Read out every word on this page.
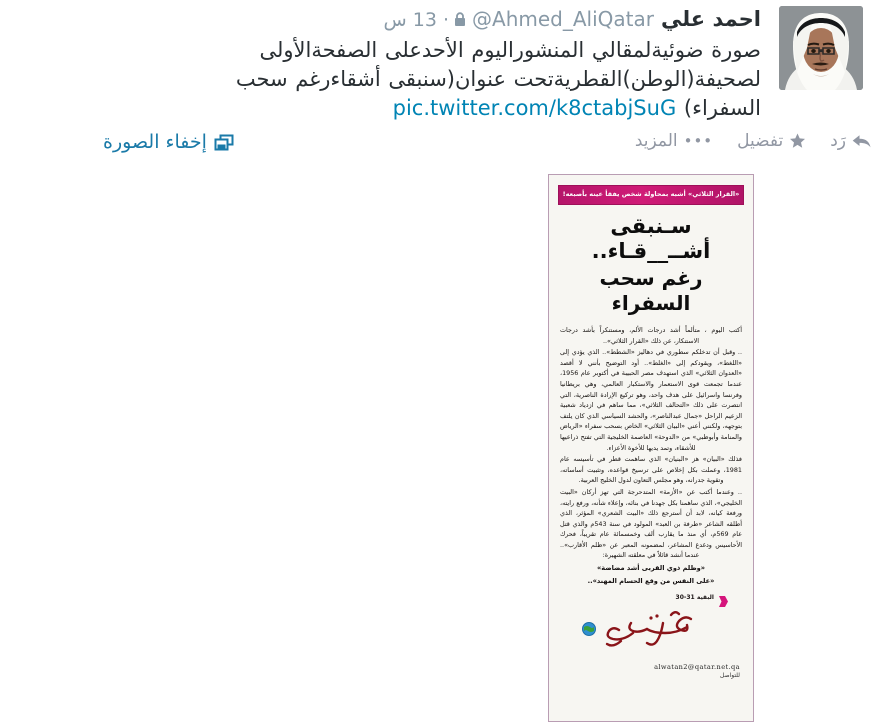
احمد علي@Ahmed_AliQatar·13 س
صورة ضوئيةلمقالي المنشوراليوم الأحدعلى الصفحةالأولى
لصحيفة(الوطن)القطريةتحت عنوان(سنبقى أشقاءرغم سحب
السفراء) pic.twitter.com/k8ctabjSuG
رَد
تفضيل
•••
المزيد
إخفاء الصورة
«القرار الثلاثي» أشبه بمحاولة شخص يفقأ عينه بأصبعه!
سـنبقى أشــ__قـاء..
رغم سحب السفراء

أكتب اليوم ، متألماً أشد درجات الألم، ومستنكراً بأشد درجات الاستنكار، عن ذلك «القرار الثلاثي»..

.. وقبل أن تدخلكم سطوري في دهاليز «الشطط».. الذي يؤدي إلى «اللغط»، ويقودكم إلى «الغلط».. أود التوضيح بأنني لا أقصد «العدوان الثلاثي» الذي استهدف مصر الحبيبة في أكتوبر عام 1956، عندما تجمعت قوى الاستعمار والاستكبار العالمي، وهي بريطانيا وفرنسا واسرائيل على هدف واحد، وهو تركيع الإرادة الناصرية، التي انتصرت على ذلك «التحالف الثلاثي»، مما ساهم في ازدياد شعبية الزعيم الراحل «جمال عبدالناصر»، والحشد السياسي الذي كان يلتف بتوجهه، ولكنني أعني «البيان الثلاثي» الخاص بسحب سفراء «الرياض والمنامة وأبوظبي» من «الدوحة» العاصمة الخليجية التي تفتح ذراعيها للأشقاء، وتمد يديها للأخوة الأعزاء.

فذلك «البيان» هز «البنيان» الذي ساهمت قطر في تأسيسه عام 1981، وعملت بكل إخلاص على ترسيخ قواعده، وتثبيت أساساته، وتقوية جدرانه، وهو مجلس التعاون لدول الخليج العربية.

.. وعندما أكتب عن «الأزمة» المتدحرجة التي تهز أركان «البيت الخليجي»، الذي ساهمنا بكل جهدنا في بنائه، وإعلاء شأنه، ورفع رايته، ورفعة كيانه، لابد أن أسترجع ذلك «البيت الشعري» المؤثر، الذي أطلقه الشاعر «طرفة بن العبد» المولود في سنة 543م والذي قتل عام 569م، أي منذ ما يقارب ألف وخمسمائة عام تقريباً، فحرك الأحاسيس ودغدغ المشاعر، لمضمونه المعبر عن «ظلم الأقارب».. عندما أنشد قائلاً في معلقته الشهيرة:

«وظلم ذوي القربى أشد مضاضة»
«على النفس من وقع الحسام المهند»..
البقية 31-30
alwatan2@qatar.net.qa
للتواصل
